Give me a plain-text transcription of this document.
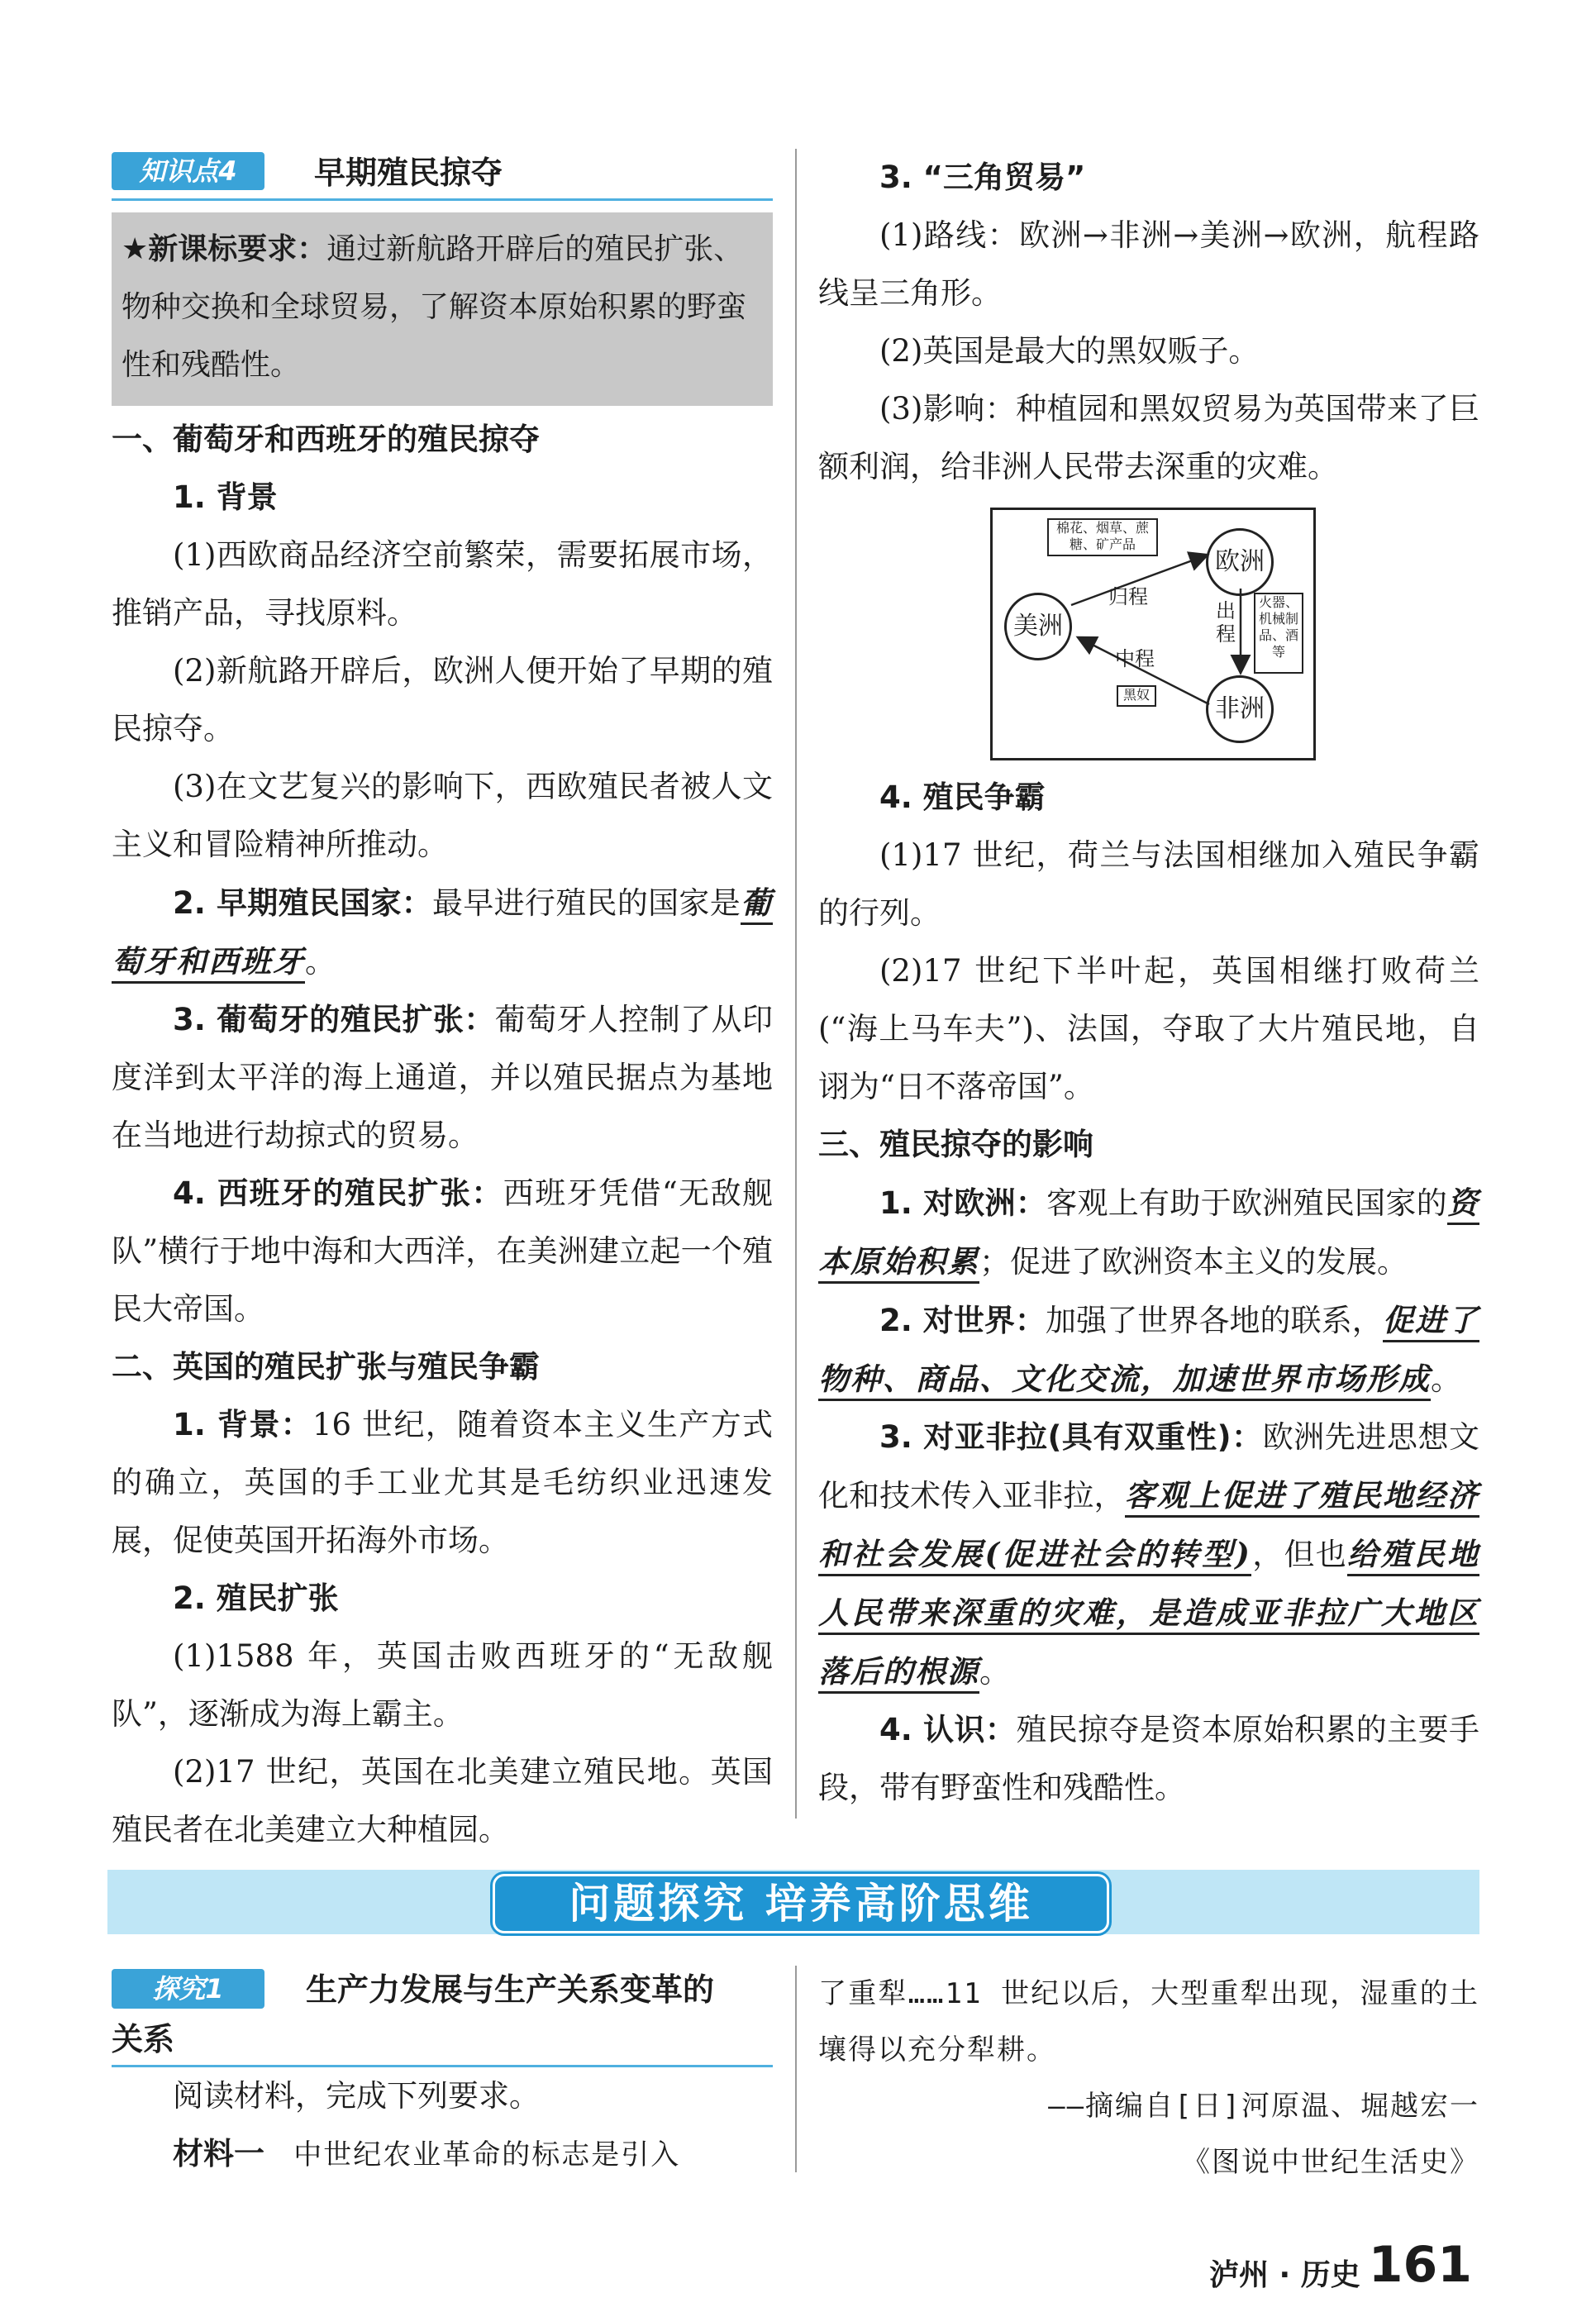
知识点4	早期殖民掠夺
★新课标要求：通过新航路开辟后的殖民扩张、物种交换和全球贸易，了解资本原始积累的野蛮性和残酷性。

一、葡萄牙和西班牙的殖民掠夺

1. 背景

(1)西欧商品经济空前繁荣，需要拓展市场，推销产品，寻找原料。

(2)新航路开辟后，欧洲人便开始了早期的殖民掠夺。

(3)在文艺复兴的影响下，西欧殖民者被人文主义和冒险精神所推动。

2. 早期殖民国家：最早进行殖民的国家是葡萄牙和西班牙。

3. 葡萄牙的殖民扩张：葡萄牙人控制了从印度洋到太平洋的海上通道，并以殖民据点为基地在当地进行劫掠式的贸易。

4. 西班牙的殖民扩张：西班牙凭借“无敌舰队”横行于地中海和大西洋，在美洲建立起一个殖民大帝国。

二、英国的殖民扩张与殖民争霸

1. 背景：16 世纪，随着资本主义生产方式的确立，英国的手工业尤其是毛纺织业迅速发展，促使英国开拓海外市场。

2. 殖民扩张

(1)1588 年，英国击败西班牙的“无敌舰队”，逐渐成为海上霸主。

(2)17 世纪，英国在北美建立殖民地。英国殖民者在北美建立大种植园。

3. “三角贸易”

(1)路线：欧洲→非洲→美洲→欧洲，航程路线呈三角形。

(2)英国是最大的黑奴贩子。

(3)影响：种植园和黑奴贸易为英国带来了巨额利润，给非洲人民带去深重的灾难。

欧洲
美洲
非洲
棉花、烟草、蔗糖、矿产品
火器、机械制品、酒等
黑奴
出程
归程
中程

4. 殖民争霸

(1)17 世纪，荷兰与法国相继加入殖民争霸的行列。

(2)17 世纪下半叶起，英国相继打败荷兰(“海上马车夫”)、法国，夺取了大片殖民地，自诩为“日不落帝国”。

三、殖民掠夺的影响

1. 对欧洲：客观上有助于欧洲殖民国家的资本原始积累；促进了欧洲资本主义的发展。

2. 对世界：加强了世界各地的联系，促进了物种、商品、文化交流，加速世界市场形成。

3. 对亚非拉(具有双重性)：欧洲先进思想文化和技术传入亚非拉，客观上促进了殖民地经济和社会发展(促进社会的转型)，但也给殖民地人民带来深重的灾难，是造成亚非拉广大地区落后的根源。

4. 认识：殖民掠夺是资本原始积累的主要手段，带有野蛮性和残酷性。

问题探究 培养高阶思维
探究1	生产力发展与生产关系变革的
关系

阅读材料，完成下列要求。

材料一 中世纪农业革命的标志是引入

了重犁……11 世纪以后，大型重犁出现，湿重的土壤得以充分犁耕。

——摘编自[日]河原温、堀越宏一

《图说中世纪生活史》

泸州 · 历史 161
